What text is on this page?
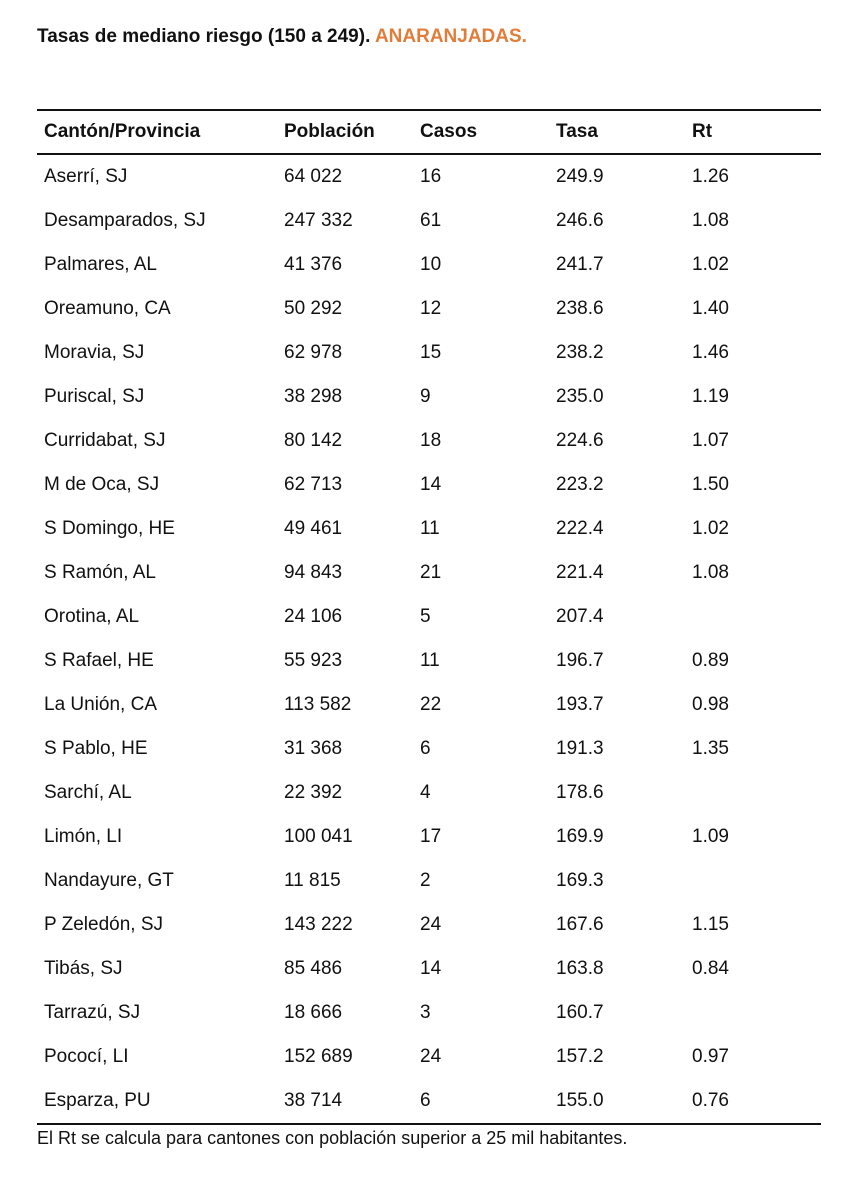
Tasas de mediano riesgo (150 a 249). ANARANJADAS.
Cantón/Provincia	Población	Casos	Tasa	Rt
Aserrí, SJ	64 022	16	249.9	1.26
Desamparados, SJ	247 332	61	246.6	1.08
Palmares, AL	41 376	10	241.7	1.02
Oreamuno, CA	50 292	12	238.6	1.40
Moravia, SJ	62 978	15	238.2	1.46
Puriscal, SJ	38 298	9	235.0	1.19
Curridabat, SJ	80 142	18	224.6	1.07
M de Oca, SJ	62 713	14	223.2	1.50
S Domingo, HE	49 461	11	222.4	1.02
S Ramón, AL	94 843	21	221.4	1.08
Orotina, AL	24 106	5	207.4	
S Rafael, HE	55 923	11	196.7	0.89
La Unión, CA	113 582	22	193.7	0.98
S Pablo, HE	31 368	6	191.3	1.35
Sarchí, AL	22 392	4	178.6	
Limón, LI	100 041	17	169.9	1.09
Nandayure, GT	11 815	2	169.3	
P Zeledón, SJ	143 222	24	167.6	1.15
Tibás, SJ	85 486	14	163.8	0.84
Tarrazú, SJ	18 666	3	160.7	
Pococí, LI	152 689	24	157.2	0.97
Esparza, PU	38 714	6	155.0	0.76
El Rt se calcula para cantones con población superior a 25 mil habitantes.
